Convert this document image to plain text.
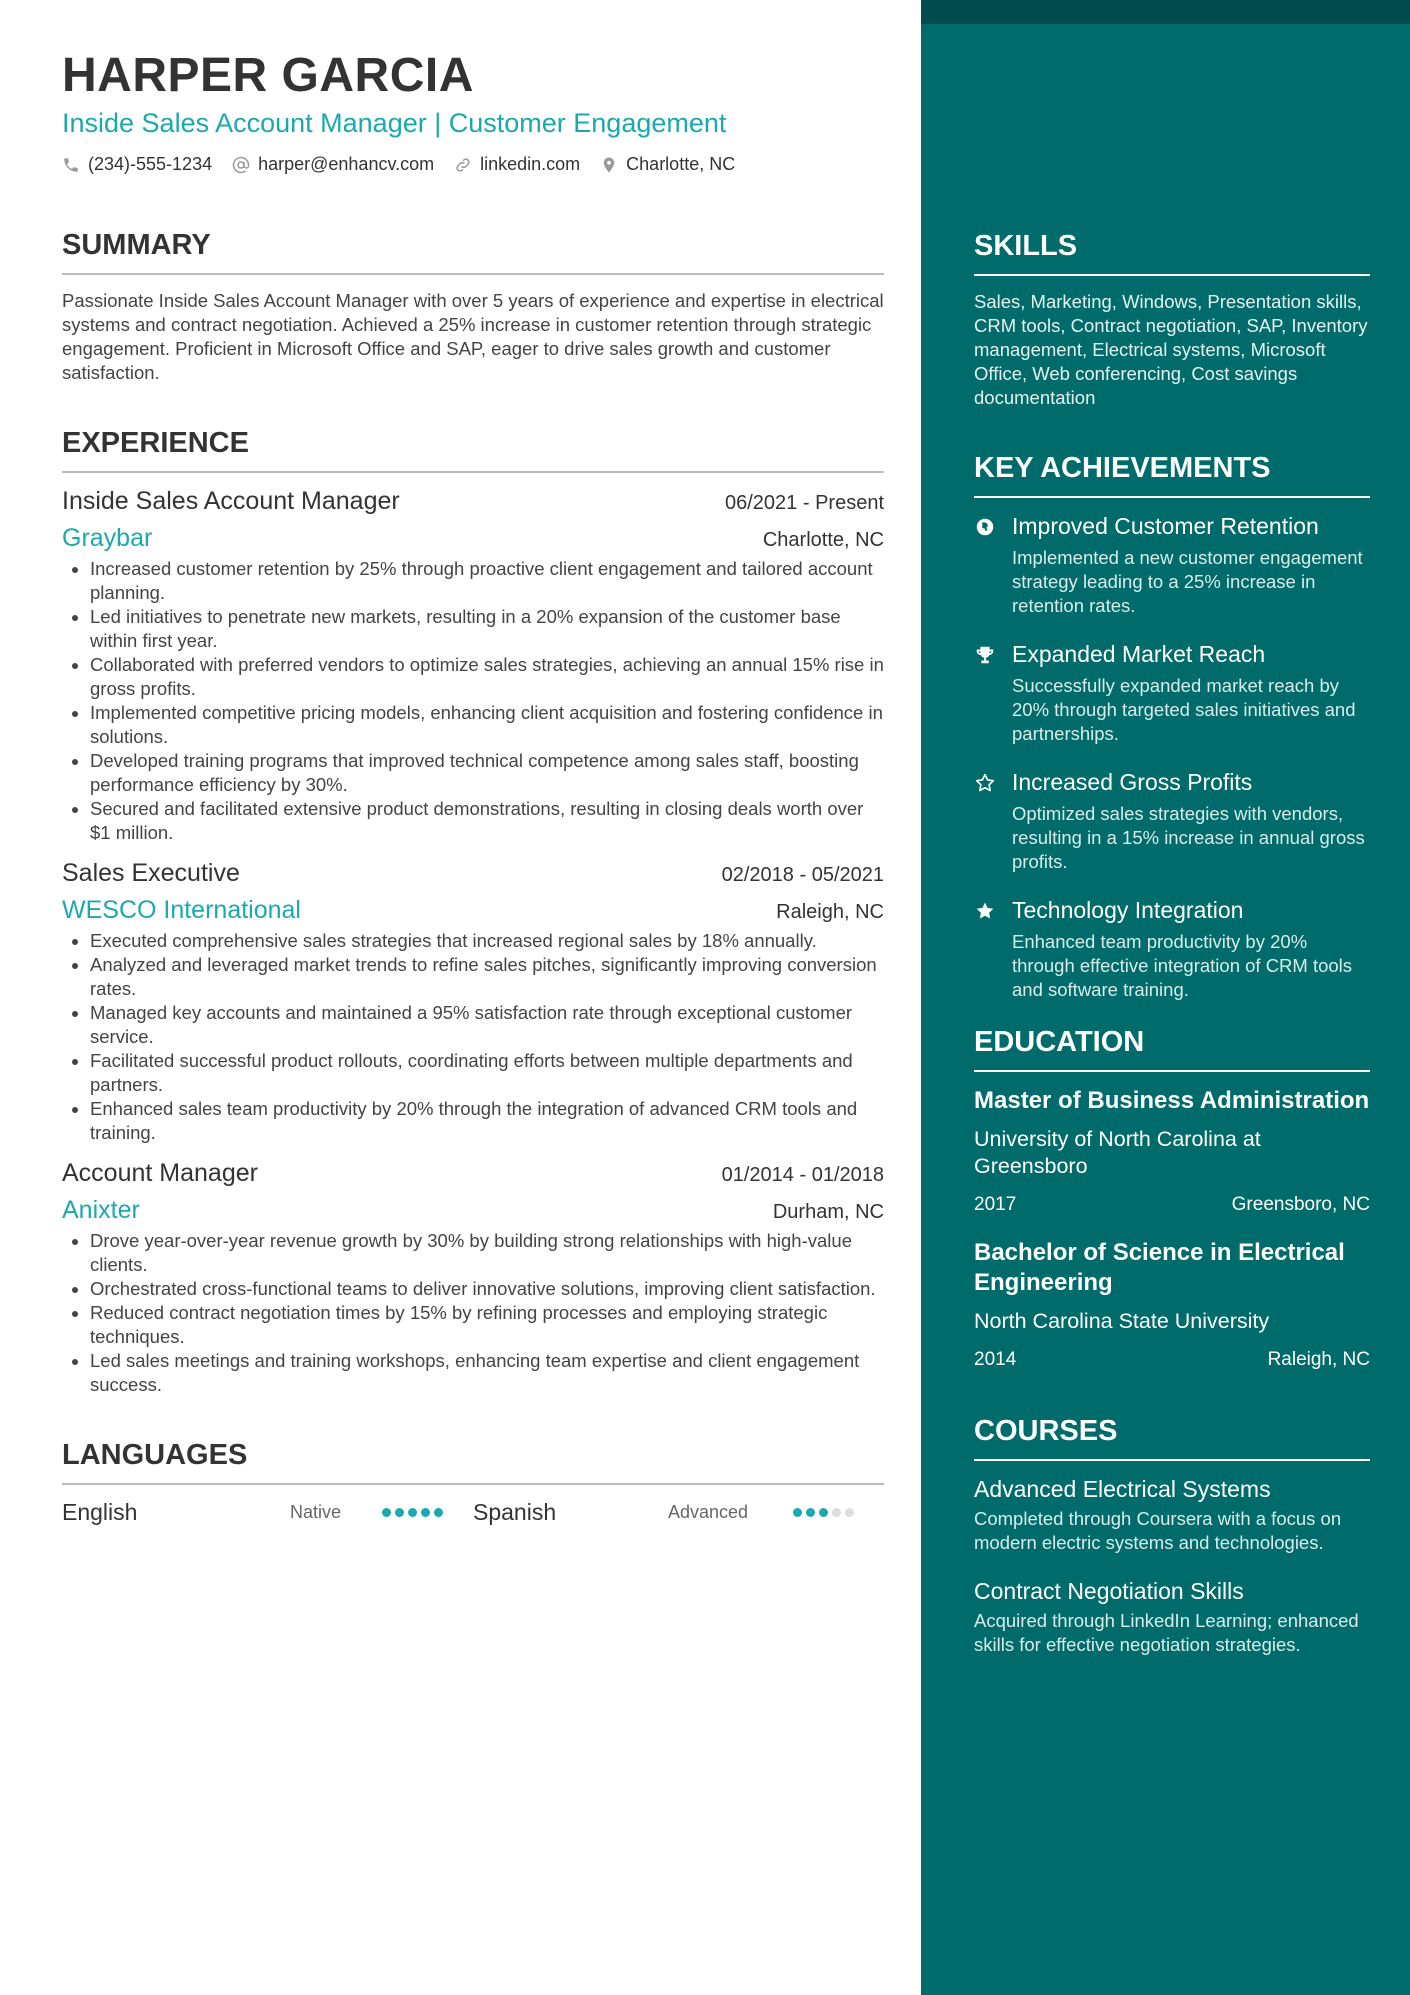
HARPER GARCIA
Inside Sales Account Manager | Customer Engagement
(234)-555-1234	harper@enhancv.com	linkedin.com	Charlotte, NC
SUMMARY
Passionate Inside Sales Account Manager with over 5 years of experience and expertise in electrical systems and contract negotiation. Achieved a 25% increase in customer retention through strategic engagement. Proficient in Microsoft Office and SAP, eager to drive sales growth and customer satisfaction.
EXPERIENCE
Inside Sales Account Manager	06/2021 - Present
Graybar	Charlotte, NC
• Increased customer retention by 25% through proactive client engagement and tailored account planning.
• Led initiatives to penetrate new markets, resulting in a 20% expansion of the customer base within first year.
• Collaborated with preferred vendors to optimize sales strategies, achieving an annual 15% rise in gross profits.
• Implemented competitive pricing models, enhancing client acquisition and fostering confidence in solutions.
• Developed training programs that improved technical competence among sales staff, boosting performance efficiency by 30%.
• Secured and facilitated extensive product demonstrations, resulting in closing deals worth over $1 million.
Sales Executive	02/2018 - 05/2021
WESCO International	Raleigh, NC
• Executed comprehensive sales strategies that increased regional sales by 18% annually.
• Analyzed and leveraged market trends to refine sales pitches, significantly improving conversion rates.
• Managed key accounts and maintained a 95% satisfaction rate through exceptional customer service.
• Facilitated successful product rollouts, coordinating efforts between multiple departments and partners.
• Enhanced sales team productivity by 20% through the integration of advanced CRM tools and training.
Account Manager	01/2014 - 01/2018
Anixter	Durham, NC
• Drove year-over-year revenue growth by 30% by building strong relationships with high-value clients.
• Orchestrated cross-functional teams to deliver innovative solutions, improving client satisfaction.
• Reduced contract negotiation times by 15% by refining processes and employing strategic techniques.
• Led sales meetings and training workshops, enhancing team expertise and client engagement success.
LANGUAGES
English	Native	Spanish	Advanced
SKILLS
Sales, Marketing, Windows, Presentation skills, CRM tools, Contract negotiation, SAP, Inventory management, Electrical systems, Microsoft Office, Web conferencing, Cost savings documentation
KEY ACHIEVEMENTS
Improved Customer Retention
Implemented a new customer engagement strategy leading to a 25% increase in retention rates.
Expanded Market Reach
Successfully expanded market reach by 20% through targeted sales initiatives and partnerships.
Increased Gross Profits
Optimized sales strategies with vendors, resulting in a 15% increase in annual gross profits.
Technology Integration
Enhanced team productivity by 20% through effective integration of CRM tools and software training.
EDUCATION
Master of Business Administration
University of North Carolina at Greensboro
2017	Greensboro, NC
Bachelor of Science in Electrical Engineering
North Carolina State University
2014	Raleigh, NC
COURSES
Advanced Electrical Systems
Completed through Coursera with a focus on modern electric systems and technologies.
Contract Negotiation Skills
Acquired through LinkedIn Learning; enhanced skills for effective negotiation strategies.
